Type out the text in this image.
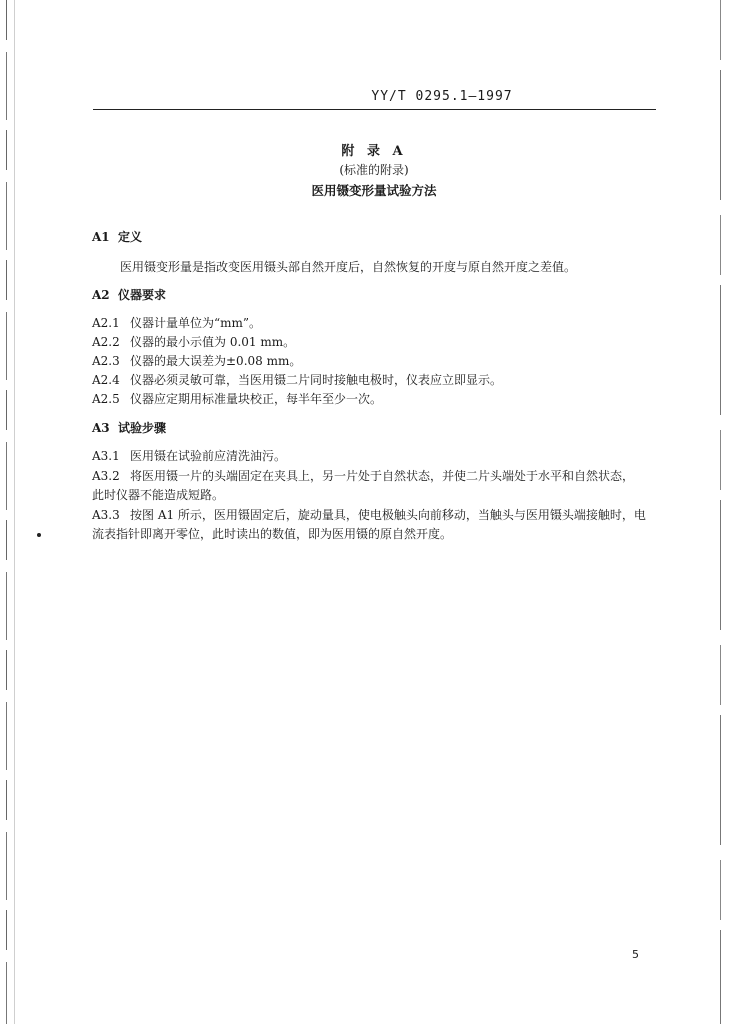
YY/T 0295.1—1997
附 录 A
(标准的附录)
医用镊变形量试验方法
A1 定义
医用镊变形量是指改变医用镊头部自然开度后，自然恢复的开度与原自然开度之差值。
A2 仪器要求
A2.1 仪器计量单位为“mm”。
A2.2 仪器的最小示值为 0.01 mm。
A2.3 仪器的最大误差为±0.08 mm。
A2.4 仪器必须灵敏可靠，当医用镊二片同时接触电极时，仪表应立即显示。
A2.5 仪器应定期用标准量块校正，每半年至少一次。
A3 试验步骤
A3.1 医用镊在试验前应清洗油污。
A3.2 将医用镊一片的头端固定在夹具上，另一片处于自然状态，并使二片头端处于水平和自然状态，
此时仪器不能造成短路。
A3.3 按图 A1 所示，医用镊固定后，旋动量具，使电极触头向前移动，当触头与医用镊头端接触时，电
流表指针即离开零位，此时读出的数值，即为医用镊的原自然开度。
5
